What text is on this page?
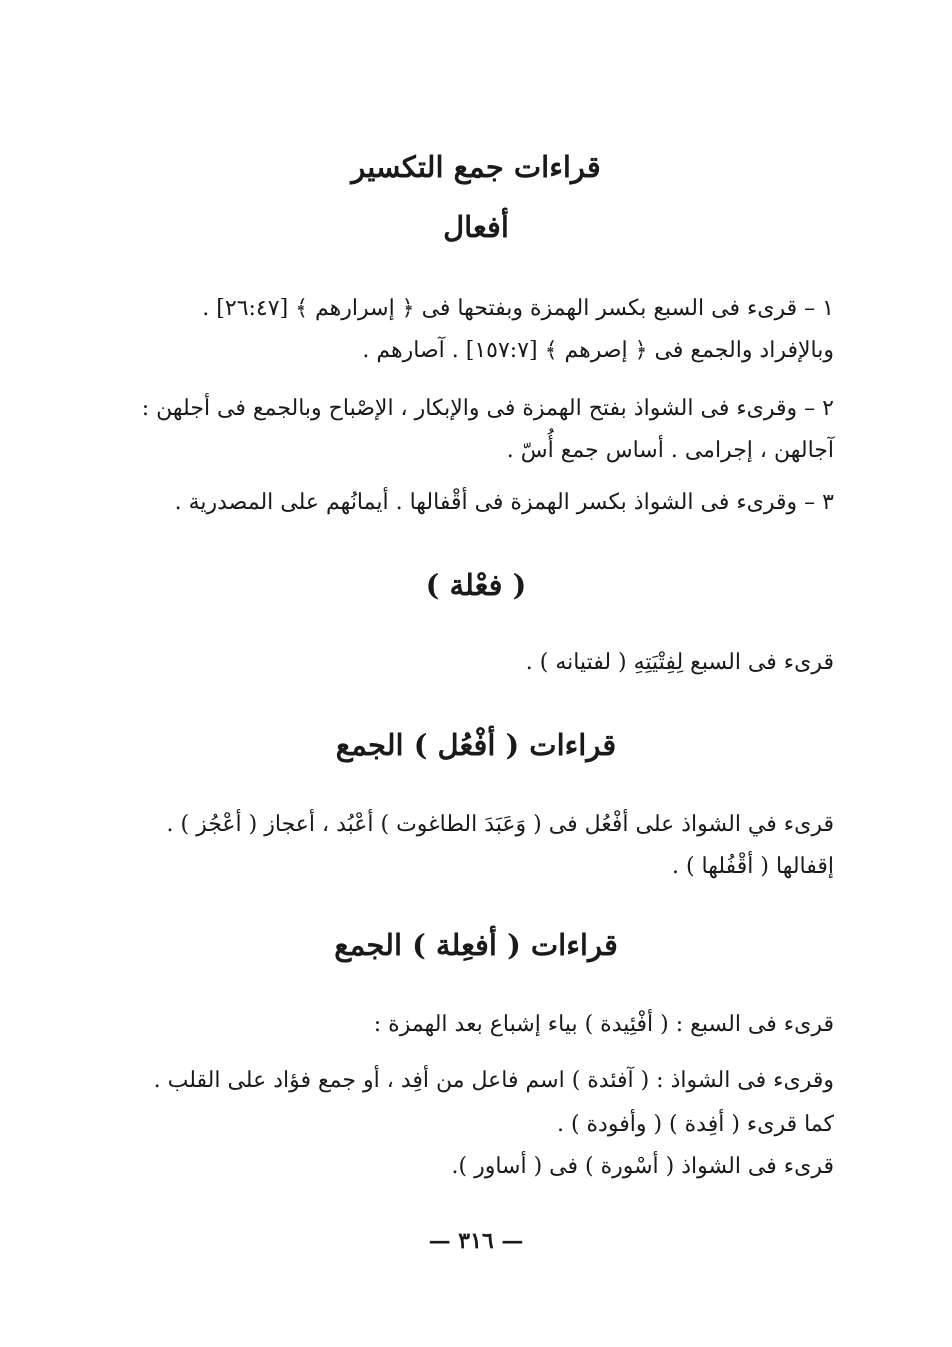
قراءات جمع التكسير
أفعال
١ – قرىء فى السبع بكسر الهمزة وبفتحها فى ﴿ إسرارهم ﴾ [٢٦:٤٧] .
وبالإفراد والجمع فى ﴿ إصرهم ﴾ [١٥٧:٧] . آصارهم .
٢ – وقرىء فى الشواذ بفتح الهمزة فى والإبكار ، الإصْباح وبالجمع فى أجلهن :
آجالهن ، إجرامى . أساس جمع أُسّ .
٣ – وقرىء فى الشواذ بكسر الهمزة فى أقْفالها . أيمانُهم على المصدرية .
( فعْلة )
قرىء فى السبع لِفِتْيَتِهِ ( لفتيانه ) .
قراءات ( أفْعُل ) الجمع
قرىء في الشواذ على أفْعُل فى ( وَعَبَدَ الطاغوت ) أعْبُد ، أعجاز ( أعْجُز ) .
إقفالها ( أقْفُلها ) .
قراءات ( أفعِلة ) الجمع
قرىء فى السبع : ( أفْئِيدة ) بياء إشباع بعد الهمزة :
وقرىء فى الشواذ : ( آفئدة ) اسم فاعل من أفِد ، أو جمع فؤاد على القلب .
كما قرىء ( أفِدة ) ( وأفودة ) .
قرىء فى الشواذ ( أسْورة ) فى ( أساور ).
— ٣١٦ —
